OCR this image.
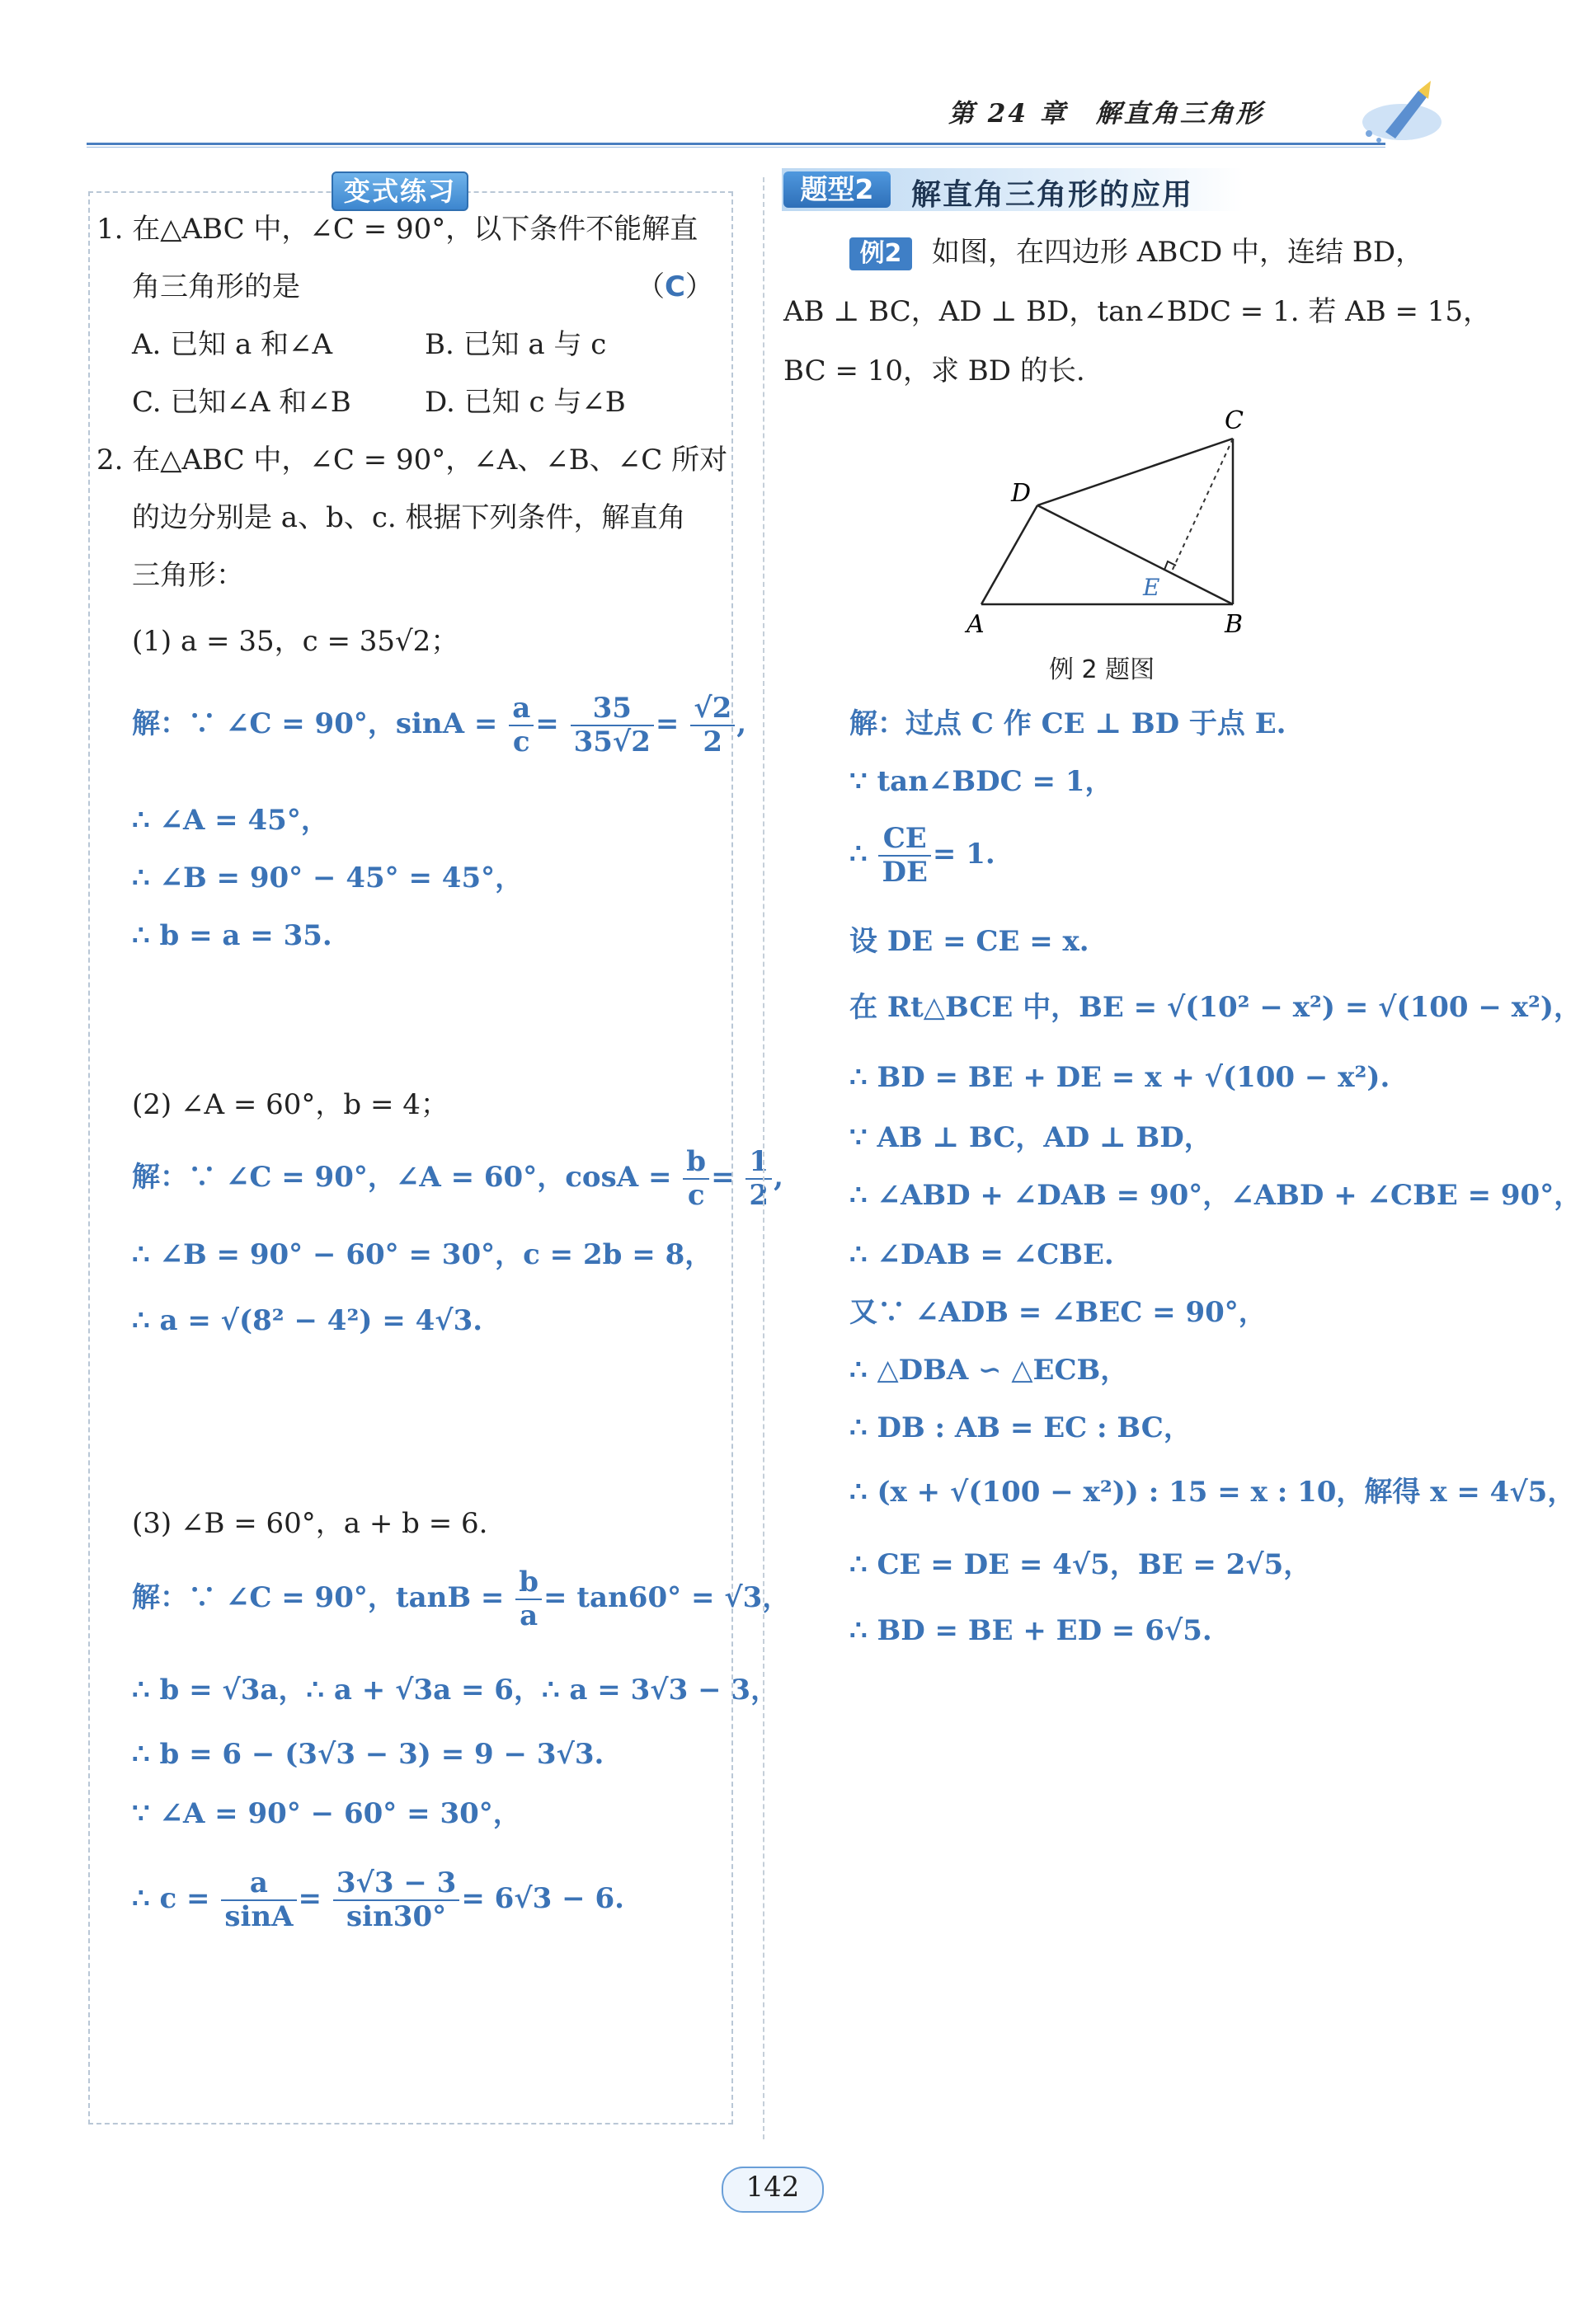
第 24 章　解直角三角形
变式练习
1. 在△ABC 中，∠C = 90°，以下条件不能解直
角三角形的是	（C）
A. 已知 a 和∠A	B. 已知 a 与 c
C. 已知∠A 和∠B	D. 已知 c 与∠B
2. 在△ABC 中，∠C = 90°，∠A、∠B、∠C 所对
的边分别是 a、b、c. 根据下列条件，解直角
三角形：
(1) a = 35，c = 35√2；
解：∵ ∠C = 90°，$\sin A = \frac{a}{c} = \frac{35}{35√2} = \frac{√2}{2}$ ,
∴ ∠A = 45°，
∴ ∠B = 90° − 45° = 45°，
∴ b = a = 35.
(2) ∠A = 60°，b = 4；
解：∵ ∠C = 90°，∠A = 60°，$\cos A = \frac{b}{c} = \frac{1}{2}$ ,
∴ ∠B = 90° − 60° = 30°，c = 2b = 8，
∴ a = √(8² − 4²) = 4√3.
(3) ∠B = 60°，a + b = 6.
解：∵ ∠C = 90°，$\tan B = \frac{b}{a} = \tan 60^\circ = √3$，
∴ b = √3a，∴ a + √3a = 6，∴ a = 3√3 − 3，
∴ b = 6 − (3√3 − 3) = 9 − 3√3.
∵ ∠A = 90° − 60° = 30°，
∴ $c = \frac{a}{\sin A} = \frac{3√3 - 3}{\sin 30^\circ} = 6√3 - 6$.
题型2	解直角三角形的应用
例2	如图，在四边形 ABCD 中，连结 BD，
AB ⊥ BC，AD ⊥ BD，tan∠BDC = 1. 若 AB = 15，
BC = 10，求 BD 的长.
A	B
C
D
E
例 2 题图
解：过点 C 作 CE ⊥ BD 于点 E.
∵ tan∠BDC = 1，
∴ $\frac{CE}{DE} = 1$.
设 DE = CE = x.
在 Rt△BCE 中，BE = √(10² − x²) = √(100 − x²)，
∴ BD = BE + DE = x + √(100 − x²).
∵ AB ⊥ BC，AD ⊥ BD，
∴ ∠ABD + ∠DAB = 90°，∠ABD + ∠CBE = 90°，
∴ ∠DAB = ∠CBE.
又∵ ∠ADB = ∠BEC = 90°，
∴ △DBA ∽ △ECB，
∴ DB : AB = EC : BC，
∴ (x + √(100 − x²)) : 15 = x : 10，解得 x = 4√5，
∴ CE = DE = 4√5，BE = 2√5，
∴ BD = BE + ED = 6√5.
142
